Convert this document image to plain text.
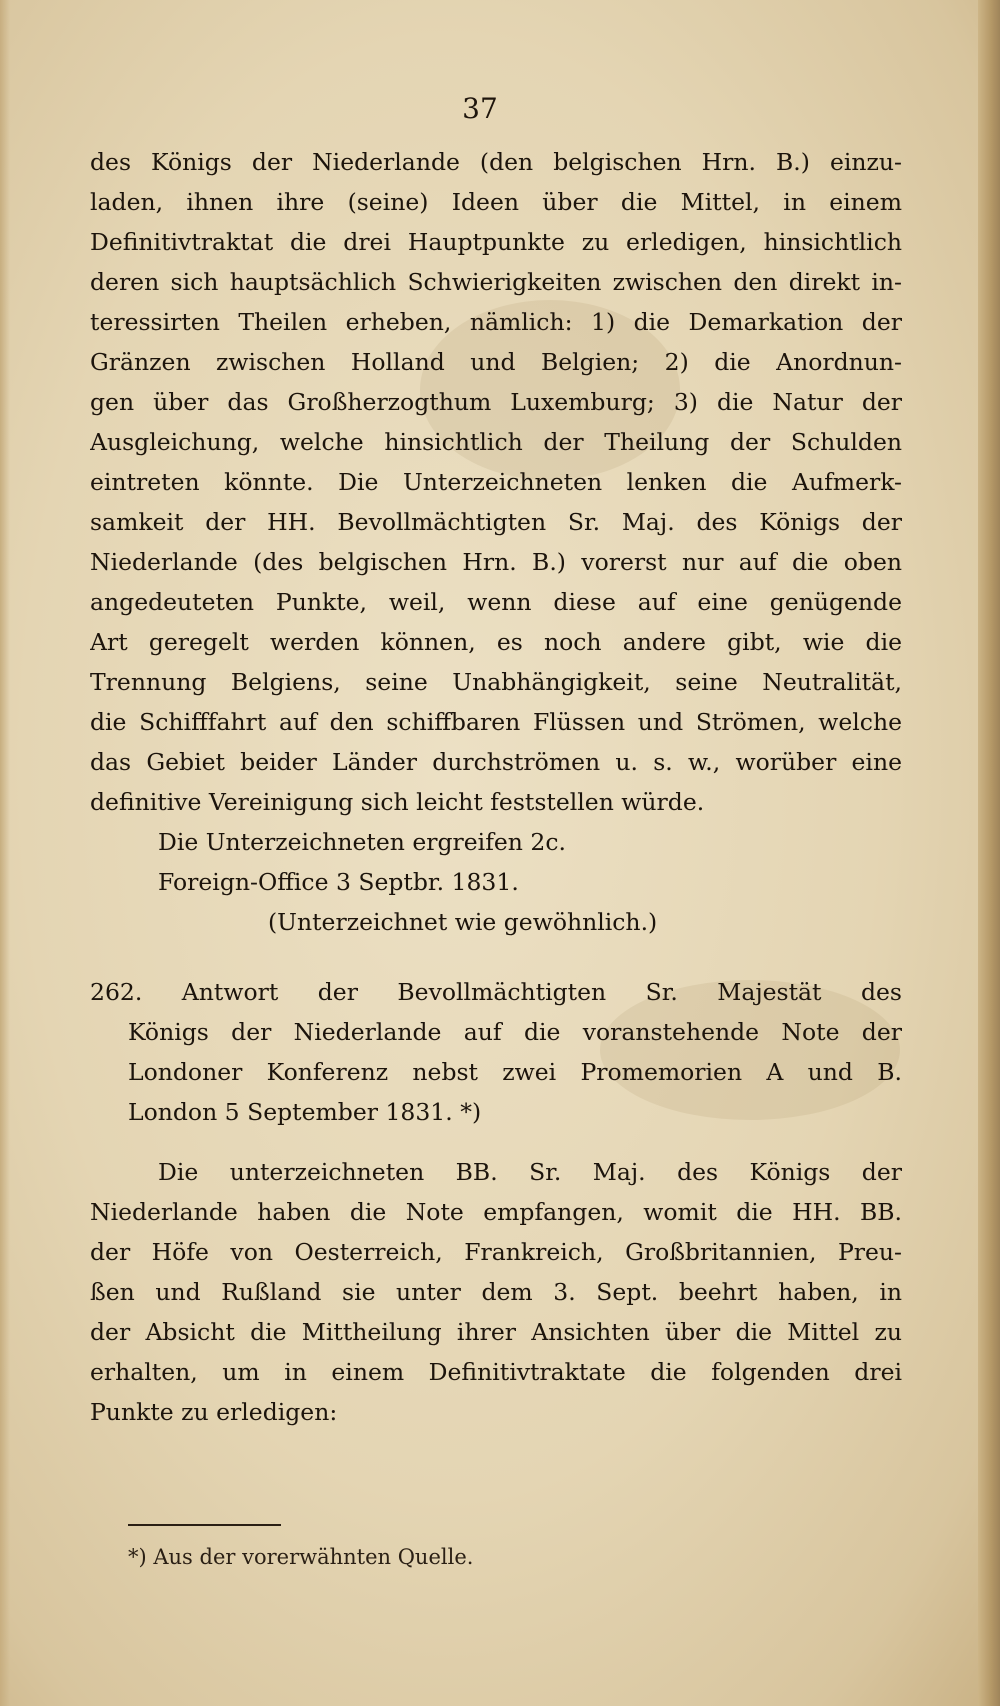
37
des Königs der Niederlande (den belgischen Hrn. B.) einzu-
laden, ihnen ihre (seine) Ideen über die Mittel, in einem
Definitivtraktat die drei Hauptpunkte zu erledigen, hinsichtlich
deren sich hauptsächlich Schwierigkeiten zwischen den direkt in-
teressirten Theilen erheben, nämlich: 1) die Demarkation der
Gränzen zwischen Holland und Belgien; 2) die Anordnun-
gen über das Großherzogthum Luxemburg; 3) die Natur der
Ausgleichung, welche hinsichtlich der Theilung der Schulden
eintreten könnte. Die Unterzeichneten lenken die Aufmerk-
samkeit der HH. Bevollmächtigten Sr. Maj. des Königs der
Niederlande (des belgischen Hrn. B.) vorerst nur auf die oben
angedeuteten Punkte, weil, wenn diese auf eine genügende
Art geregelt werden können, es noch andere gibt, wie die
Trennung Belgiens, seine Unabhängigkeit, seine Neutralität,
die Schifffahrt auf den schiffbaren Flüssen und Strömen, welche
das Gebiet beider Länder durchströmen u. s. w., worüber eine
definitive Vereinigung sich leicht feststellen würde.
Die Unterzeichneten ergreifen 2c.
Foreign-Office 3 Septbr. 1831.
(Unterzeichnet wie gewöhnlich.)
262. Antwort der Bevollmächtigten Sr. Majestät des
Königs der Niederlande auf die voranstehende Note der
Londoner Konferenz nebst zwei Promemorien A und B.
London 5 September 1831. *)
Die unterzeichneten BB. Sr. Maj. des Königs der
Niederlande haben die Note empfangen, womit die HH. BB.
der Höfe von Oesterreich, Frankreich, Großbritannien, Preu-
ßen und Rußland sie unter dem 3. Sept. beehrt haben, in
der Absicht die Mittheilung ihrer Ansichten über die Mittel zu
erhalten, um in einem Definitivtraktate die folgenden drei
Punkte zu erledigen:
*) Aus der vorerwähnten Quelle.
